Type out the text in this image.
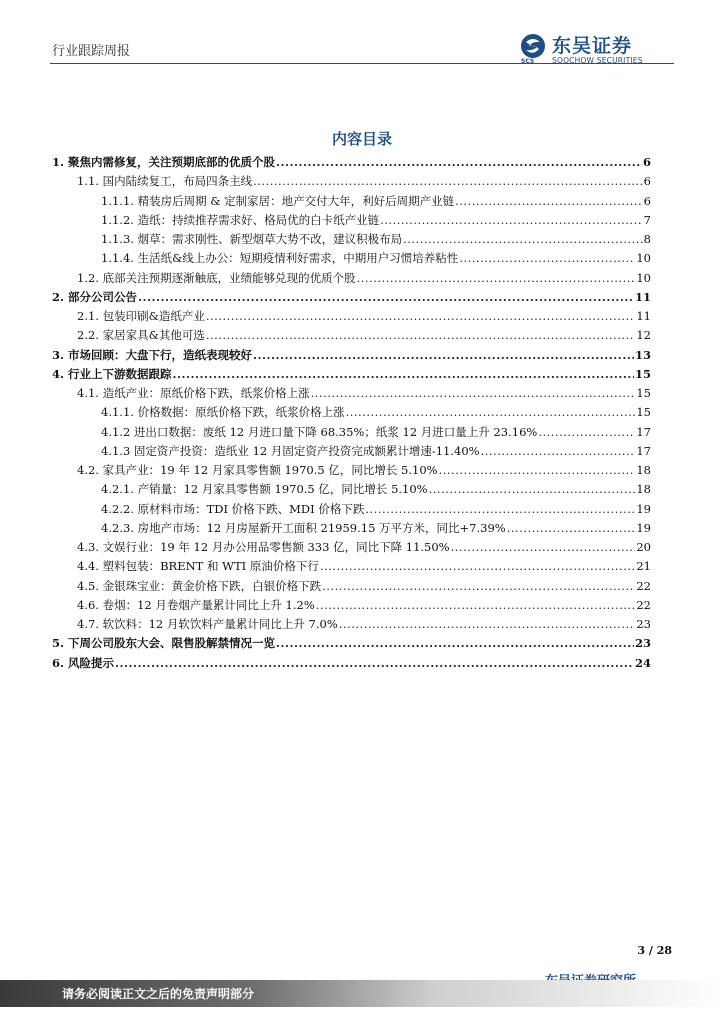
行业跟踪周报
SCS
东吴证券
SOOCHOW SECURITIES
内容目录
1. 聚焦内需修复，关注预期底部的优质个股 .....	6
1.1. 国内陆续复工，布局四条主线 .....	6
1.1.1. 精装房后周期 & 定制家居：地产交付大年，利好后周期产业链 .....	6
1.1.2. 造纸：持续推荐需求好、格局优的白卡纸产业链 .....	7
1.1.3. 烟草：需求刚性、新型烟草大势不改，建议积极布局 .....	8
1.1.4. 生活纸&线上办公：短期疫情利好需求，中期用户习惯培养粘性 .....	10
1.2. 底部关注预期逐渐触底，业绩能够兑现的优质个股 .....	10
2. 部分公司公告 .....	11
2.1. 包装印刷&造纸产业 .....	11
2.2. 家居家具&其他可选 .....	12
3. 市场回顾：大盘下行，造纸表现较好 .....	13
4. 行业上下游数据跟踪 .....	15
4.1. 造纸产业：原纸价格下跌，纸浆价格上涨 .....	15
4.1.1. 价格数据：原纸价格下跌，纸浆价格上涨 .....	15
4.1.2 进出口数据：废纸 12 月进口量下降 68.35%；纸浆 12 月进口量上升 23.16% .....	17
4.1.3 固定资产投资：造纸业 12 月固定资产投资完成额累计增速-11.40% .....	17
4.2. 家具产业：19 年 12 月家具零售额 1970.5 亿，同比增长 5.10% .....	18
4.2.1. 产销量：12 月家具零售额 1970.5 亿，同比增长 5.10% .....	18
4.2.2. 原材料市场：TDI 价格下跌、MDI 价格下跌 .....	19
4.2.3. 房地产市场：12 月房屋新开工面积 21959.15 万平方米，同比+7.39% .....	19
4.3. 文娱行业：19 年 12 月办公用品零售额 333 亿，同比下降 11.50% .....	20
4.4. 塑料包装：BRENT 和 WTI 原油价格下行 .....	21
4.5. 金银珠宝业：黄金价格下跌，白银价格下跌 .....	22
4.6. 卷烟：12 月卷烟产量累计同比上升 1.2% .....	22
4.7. 软饮料：12 月软饮料产量累计同比上升 7.0% .....	23
5. 下周公司股东大会、限售股解禁情况一览 .....	23
6. 风险提示 .....	24
3 / 28
请务必阅读正文之后的免责声明部分
